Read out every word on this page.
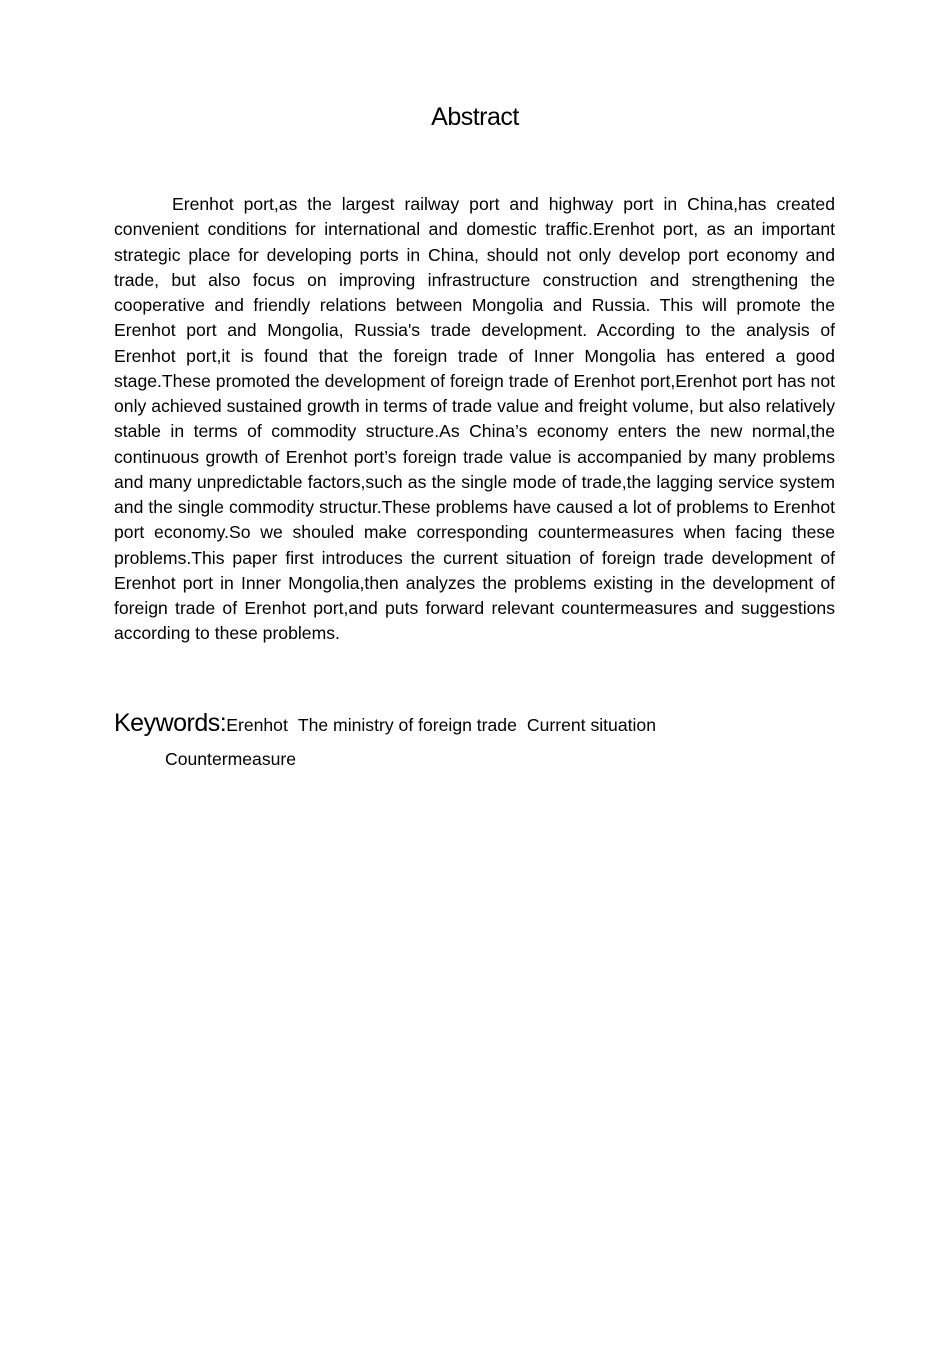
Abstract

Erenhot port,as the largest railway port and highway port in China,has created convenient conditions for international and domestic traffic.Erenhot port, as an important strategic place for developing ports in China, should not only develop port economy and trade, but also focus on improving infrastructure construction and strengthening the cooperative and friendly relations between Mongolia and Russia. This will promote the Erenhot port and Mongolia, Russia's trade development. According to the analysis of Erenhot port,it is found that the foreign trade of Inner Mongolia has entered a good stage.These promoted the development of foreign trade of Erenhot port,Erenhot port has not only achieved sustained growth in terms of trade value and freight volume, but also relatively stable in terms of commodity structure.As China’s economy enters the new normal,the continuous growth of Erenhot port’s foreign trade value is accompanied by many problems and many unpredictable factors,such as the single mode of trade,the lagging service system and the single commodity structur.These problems have caused a lot of problems to Erenhot port economy.So we shouled make corresponding countermeasures when facing these problems.This paper first introduces the current situation of foreign trade development of Erenhot port in Inner Mongolia,then analyzes the problems existing in the development of foreign trade of Erenhot port,and puts forward relevant countermeasures and suggestions according to these problems.

Keywords:Erenhot The ministry of foreign trade Current situation
Countermeasure
